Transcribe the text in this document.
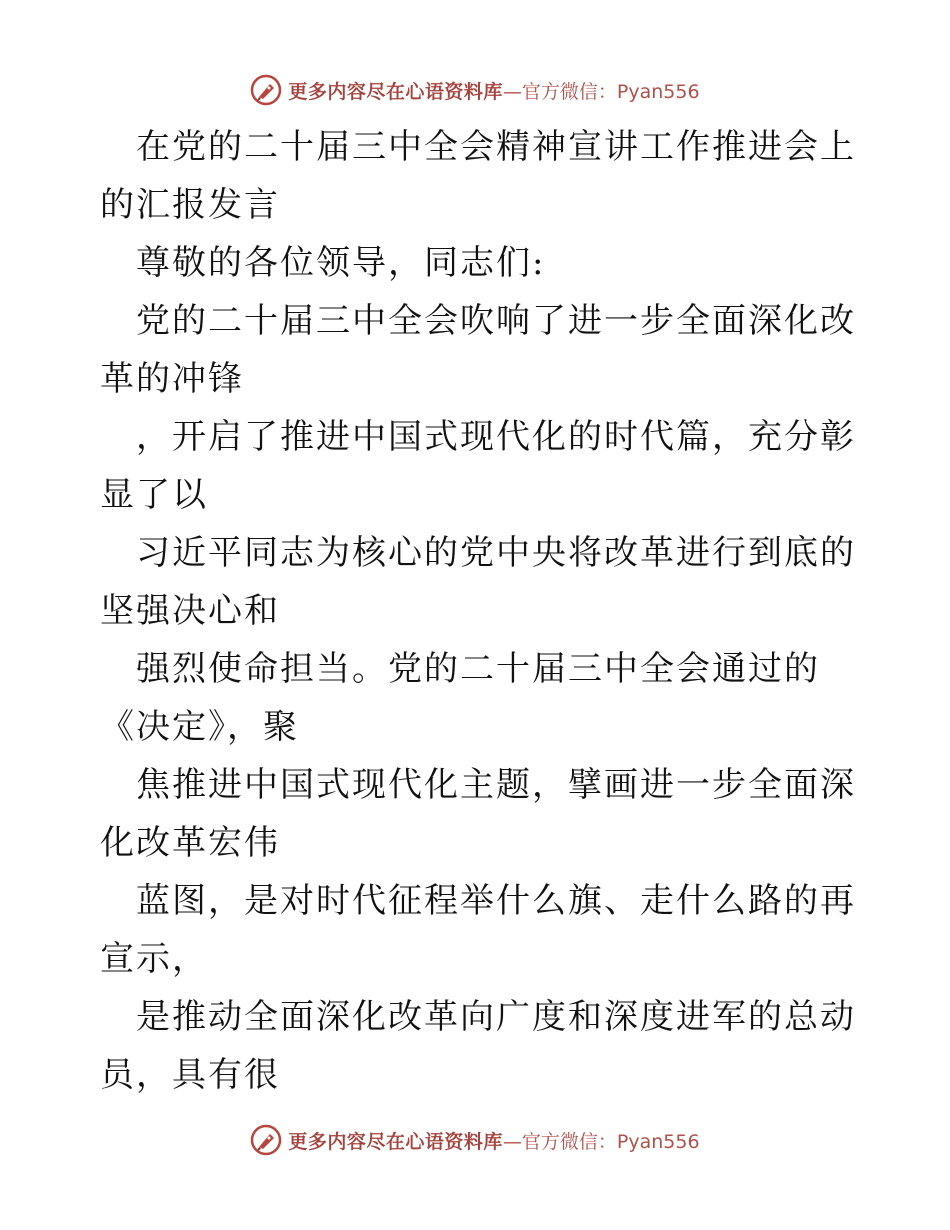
更多内容尽在心语资料库 —官方微信：Pyan556

在党的二十届三中全会精神宣讲工作推进会上的汇报发言

尊敬的各位领导，同志们:

党的二十届三中全会吹响了进一步全面深化改革的冲锋

，开启了推进中国式现代化的时代篇，充分彰显了以

习近平同志为核心的党中央将改革进行到底的坚强决心和

强烈使命担当。党的二十届三中全会通过的《决定》，聚

焦推进中国式现代化主题，擘画进一步全面深化改革宏伟

蓝图，是对时代征程举什么旗、走什么路的再宣示，

是推动全面深化改革向广度和深度进军的总动员，具有很

更多内容尽在心语资料库 —官方微信：Pyan556
